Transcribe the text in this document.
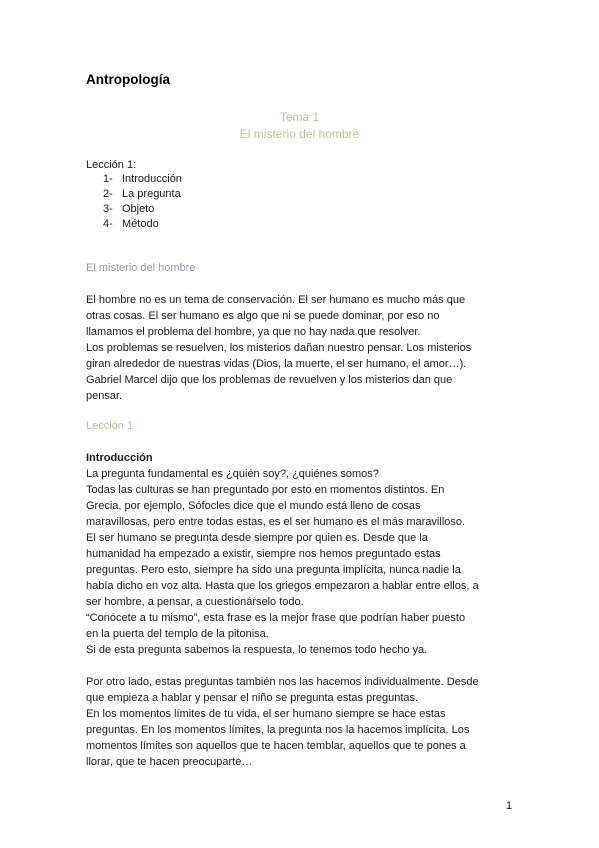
Antropología
Tema 1
El misterio del hombre
Lección 1:
1- Introducción
2- La pregunta
3- Objeto
4- Método
El misterio del hombre

El hombre no es un tema de conservación. El ser humano es mucho más que
otras cosas. El ser humano es algo que ni se puede dominar, por eso no
llamamos el problema del hombre, ya que no hay nada que resolver.
Los problemas se resuelven, los misterios dañan nuestro pensar. Los misterios
giran alrededor de nuestras vidas (Dios, la muerte, el ser humano, el amor…).
Gabriel Marcel dijo que los problemas de revuelven y los misterios dan que
pensar.

Lección 1
Introducción

La pregunta fundamental es ¿quién soy?, ¿quiénes somos?
Todas las culturas se han preguntado por esto en momentos distintos. En
Grecia, por ejemplo, Sófocles dice que el mundo está lleno de cosas
maravillosas, pero entre todas estas, es el ser humano es el más maravilloso.
El ser humano se pregunta desde siempre por quien es. Desde que la
humanidad ha empezado a existir, siempre nos hemos preguntado estas
preguntas. Pero esto, siempre ha sido una pregunta implícita, nunca nadie la
había dicho en voz alta. Hasta que los griegos empezaron a hablar entre ellos, a
ser hombre, a pensar, a cuestionárselo todo.
“Conócete a tu mismo”, esta frase es la mejor frase que podrían haber puesto
en la puerta del templo de la pitonisa.
Si de esta pregunta sabemos la respuesta, lo tenemos todo hecho ya.

Por otro lado, estas preguntas también nos las hacemos individualmente. Desde
que empieza a hablar y pensar el niño se pregunta estas preguntas.
En los momentos límites de tu vida, el ser humano siempre se hace estas
preguntas. En los momentos límites, la pregunta nos la hacemos implícita. Los
momentos límites son aquellos que te hacen temblar, aquellos que te pones a
llorar, que te hacen preocuparte…

1
